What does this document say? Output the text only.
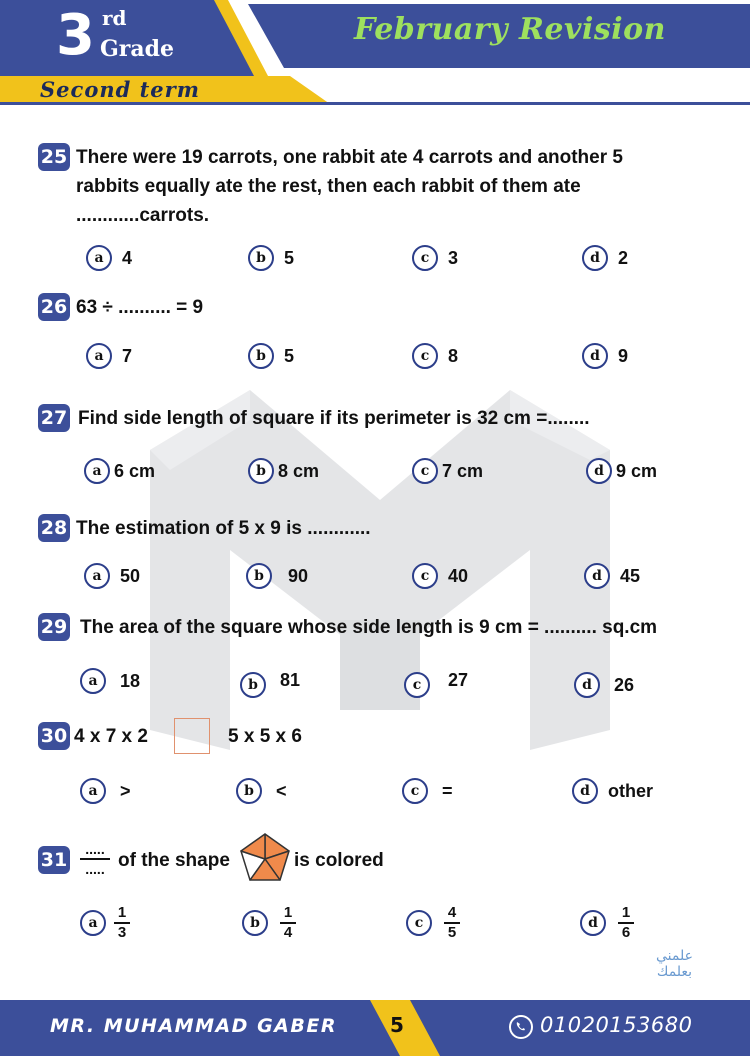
3 rd
Grade
February Revision
Second term
25 There were 19 carrots, one rabbit ate 4 carrots and another 5
rabbits equally ate the rest, then each rabbit of them ate
............carrots.
a	4	b	5	c	3	d	2
26 63 ÷ .......... = 9
a	7	b	5	c	8	d	9
27 Find side length of square if its perimeter is 32 cm =........
a 6 cm	b 8 cm	c 7 cm	d 9 cm
28 The estimation of 5 x 9 is ............
a	50	b	90	c	40	d	45
29 The area of the square whose side length is 9 cm = .......... sq.cm
a	18	b	81	c	27	d	26
30 4 x 7 x 2	5 x 5 x 6
a	>	b	<	c	=	d	other
31 .....
..... of the shape	is colored
a	$\frac{1}{3}$	b	$\frac{1}{4}$	c	$\frac{4}{5}$	d	$\frac{1}{6}$
علمني
بعلمك
MR. MUHAMMAD GABER	5	01020153680
